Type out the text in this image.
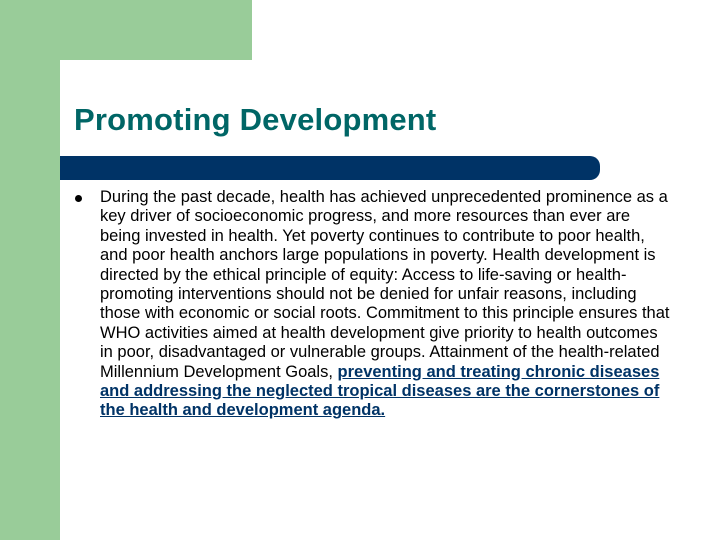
Promoting Development

During the past decade, health has achieved unprecedented prominence as a key driver of socioeconomic progress, and more resources than ever are being invested in health. Yet poverty continues to contribute to poor health, and poor health anchors large populations in poverty. Health development is directed by the ethical principle of equity: Access to life-saving or health-promoting interventions should not be denied for unfair reasons, including those with economic or social roots. Commitment to this principle ensures that WHO activities aimed at health development give priority to health outcomes in poor, disadvantaged or vulnerable groups. Attainment of the health-related Millennium Development Goals, preventing and treating chronic diseases and addressing the neglected tropical diseases are the cornerstones of the health and development agenda.
